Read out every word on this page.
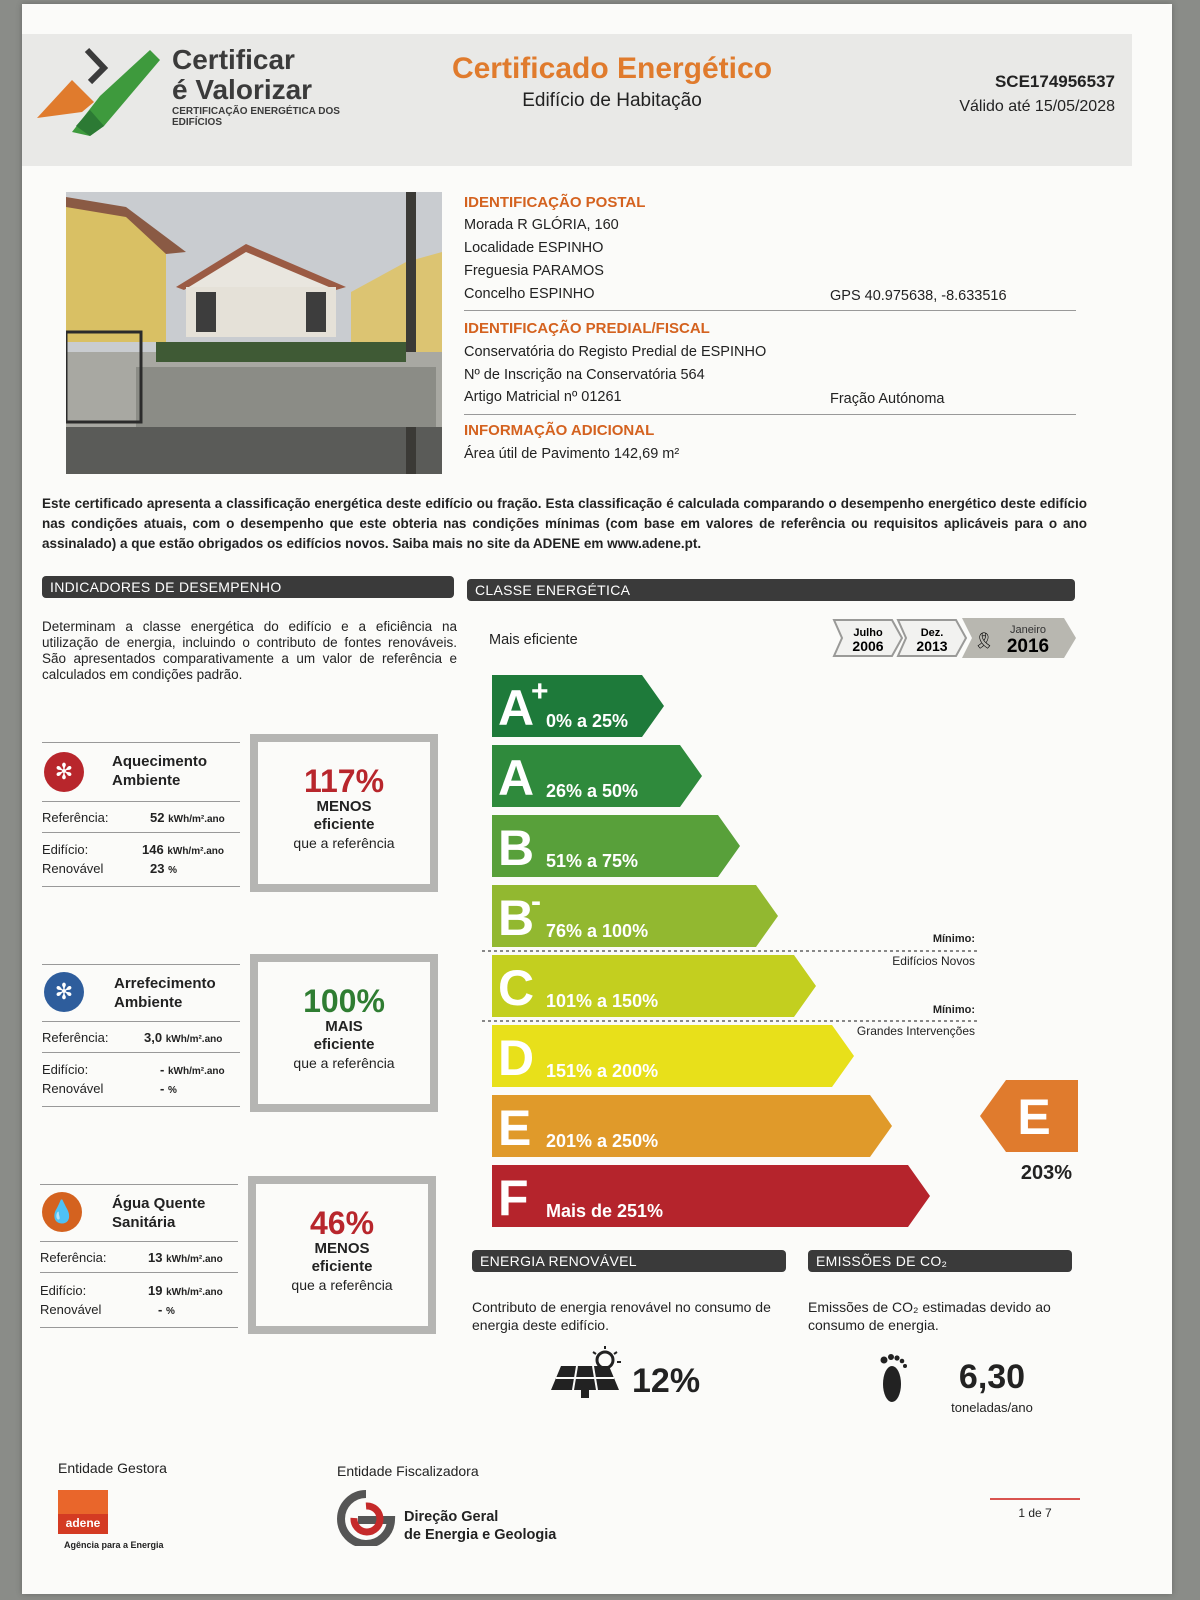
Certificar
é Valorizar
CERTIFICAÇÃO ENERGÉTICA DOS EDIFÍCIOS
Certificado Energético
Edifício de Habitação
SCE174956537
Válido até 15/05/2028
IDENTIFICAÇÃO POSTAL
Morada R GLÓRIA, 160
Localidade ESPINHO
Freguesia PARAMOS
Concelho ESPINHO	GPS 40.975638, -8.633516
IDENTIFICAÇÃO PREDIAL/FISCAL
Conservatória do Registo Predial de ESPINHO
Nº de Inscrição na Conservatória 564
Artigo Matricial nº 01261	Fração Autónoma
INFORMAÇÃO ADICIONAL
Área útil de Pavimento 142,69 m²
Este certificado apresenta a classificação energética deste edifício ou fração. Esta classificação é calculada comparando o desempenho energético deste edifício nas condições atuais, com o desempenho que este obteria nas condições mínimas (com base em valores de referência ou requisitos aplicáveis para o ano assinalado) a que estão obrigados os edifícios novos. Saiba mais no site da ADENE em www.adene.pt.
INDICADORES DE DESEMPENHO	CLASSE ENERGÉTICA
Determinam a classe energética do edifício e a eficiência na utilização de energia, incluindo o contributo de fontes renováveis. São apresentados comparativamente a um valor de referência e calculados em condições padrão.
✻	Aquecimento
Ambiente
Referência:	52 kWh/m².ano
Edifício:	146 kWh/m².ano
Renovável	23 %
117%
MENOS
eficiente
que a referência
✻	Arrefecimento
Ambiente
Referência:	3,0 kWh/m².ano
Edifício:	- kWh/m².ano
Renovável	- %
100%
MAIS
eficiente
que a referência
💧	Água Quente
Sanitária
Referência:	13 kWh/m².ano
Edifício:	19 kWh/m².ano
Renovável	- %
46%
MENOS
eficiente
que a referência
Mais eficiente	Julho
2006
Dez.
2013 🎗
Janeiro
2016
A
+
0% a 25%
A 26% a 50%
B 51% a 75%
B
-
76% a 100%
C 101% a 150%
D 151% a 200%
E 201% a 250%
F Mais de 251%
Mínimo:
Edifícios Novos
Mínimo:
Grandes Intervenções
E
203%
ENERGIA RENOVÁVEL	EMISSÕES DE CO₂
Contributo de energia renovável no consumo de energia deste edifício.
Emissões de CO₂ estimadas devido ao consumo de energia.
12%	6,30
toneladas/ano
Entidade Gestora
adene
Agência para a Energia
Entidade Fiscalizadora
Direção Geral
de Energia e Geologia
1 de 7
